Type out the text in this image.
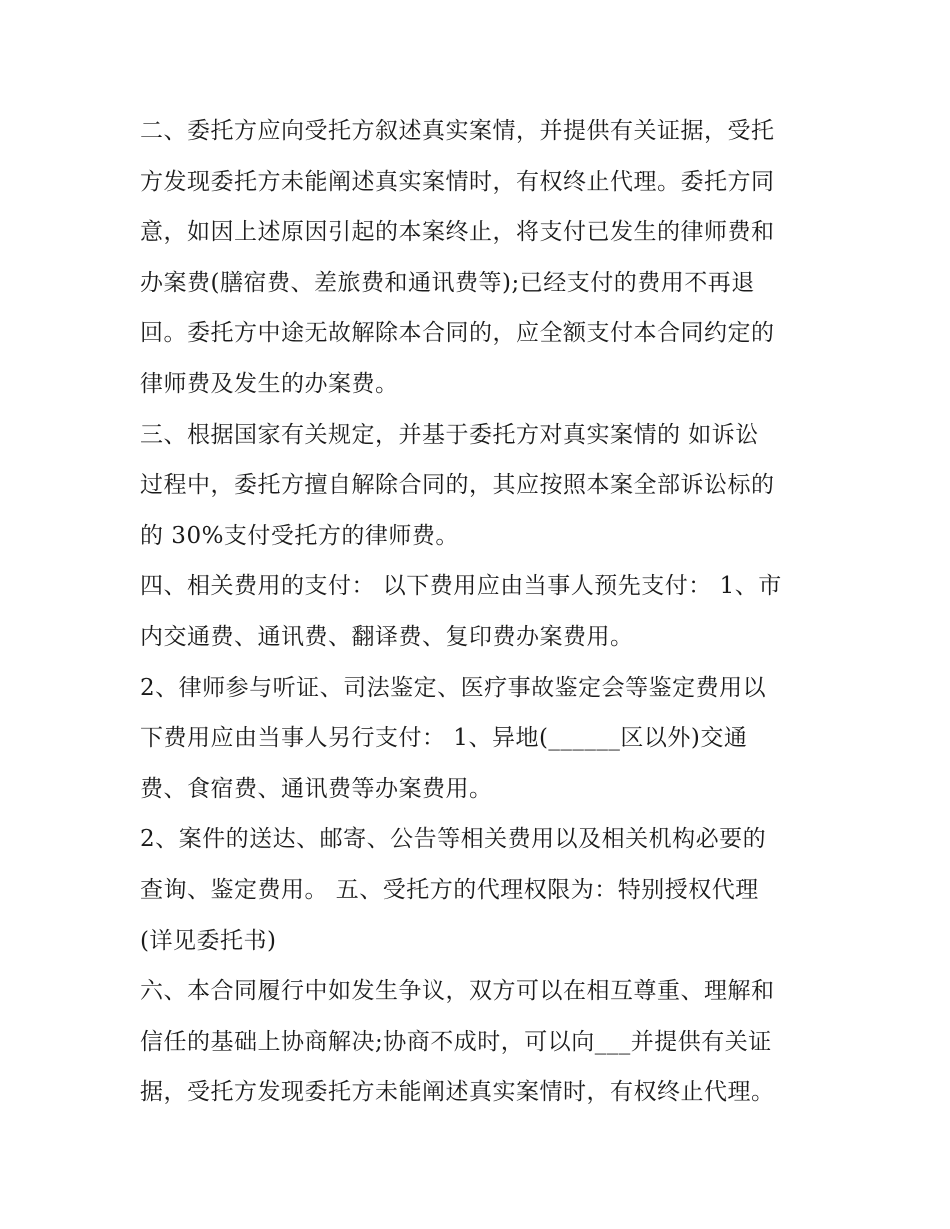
二、委托方应向受托方叙述真实案情，并提供有关证据，受托
方发现委托方未能阐述真实案情时，有权终止代理。委托方同
意，如因上述原因引起的本案终止，将支付已发生的律师费和
办案费(膳宿费、差旅费和通讯费等);已经支付的费用不再退
回。委托方中途无故解除本合同的，应全额支付本合同约定的
律师费及发生的办案费。
三、根据国家有关规定，并基于委托方对真实案情的 如诉讼
过程中，委托方擅自解除合同的，其应按照本案全部诉讼标的
的 30%支付受托方的律师费。
四、相关费用的支付： 以下费用应由当事人预先支付： 1、市
内交通费、通讯费、翻译费、复印费办案费用。
2、律师参与听证、司法鉴定、医疗事故鉴定会等鉴定费用以
下费用应由当事人另行支付： 1、异地(______区以外)交通
费、食宿费、通讯费等办案费用。
2、案件的送达、邮寄、公告等相关费用以及相关机构必要的
查询、鉴定费用。 五、受托方的代理权限为：特别授权代理
(详见委托书)
六、本合同履行中如发生争议，双方可以在相互尊重、理解和
信任的基础上协商解决;协商不成时，可以向___并提供有关证
据，受托方发现委托方未能阐述真实案情时，有权终止代理。
